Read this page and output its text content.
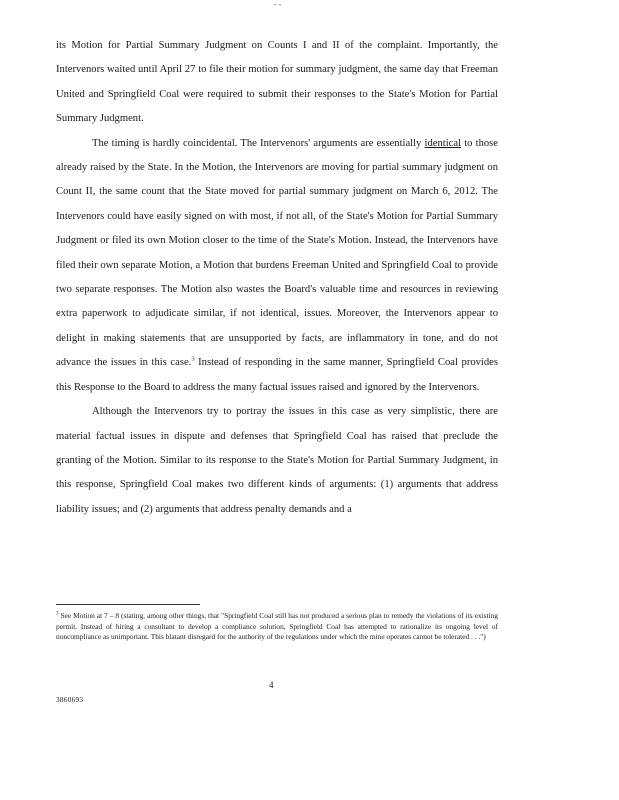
- -

its Motion for Partial Summary Judgment on Counts I and II of the complaint. Importantly, the Intervenors waited until April 27 to file their motion for summary judgment, the same day that Freeman United and Springfield Coal were required to submit their responses to the State's Motion for Partial Summary Judgment.

The timing is hardly coincidental. The Intervenors' arguments are essentially identical to those already raised by the State. In the Motion, the Intervenors are moving for partial summary judgment on Count II, the same count that the State moved for partial summary judgment on March 6, 2012. The Intervenors could have easily signed on with most, if not all, of the State's Motion for Partial Summary Judgment or filed its own Motion closer to the time of the State's Motion. Instead, the Intervenors have filed their own separate Motion, a Motion that burdens Freeman United and Springfield Coal to provide two separate responses. The Motion also wastes the Board's valuable time and resources in reviewing extra paperwork to adjudicate similar, if not identical, issues. Moreover, the Intervenors appear to delight in making statements that are unsupported by facts, are inflammatory in tone, and do not advance the issues in this case.$^3$ Instead of responding in the same manner, Springfield Coal provides this Response to the Board to address the many factual issues raised and ignored by the Intervenors.

Although the Intervenors try to portray the issues in this case as very simplistic, there are material factual issues in dispute and defenses that Springfield Coal has raised that preclude the granting of the Motion. Similar to its response to the State's Motion for Partial Summary Judgment, in this response, Springfield Coal makes two different kinds of arguments: (1) arguments that address liability issues; and (2) arguments that address penalty demands and a

$^3$ See Motion at 7 – 8 (stating, among other things, that "Springfield Coal still has not produced a serious plan to remedy the violations of its existing permit. Instead of hiring a consultant to develop a compliance solution, Springfield Coal has attempted to rationalize its ongoing level of noncompliance as unimportant. This blatant disregard for the authority of the regulations under which the mine operates cannot be tolerated . . .")

4
3860693
